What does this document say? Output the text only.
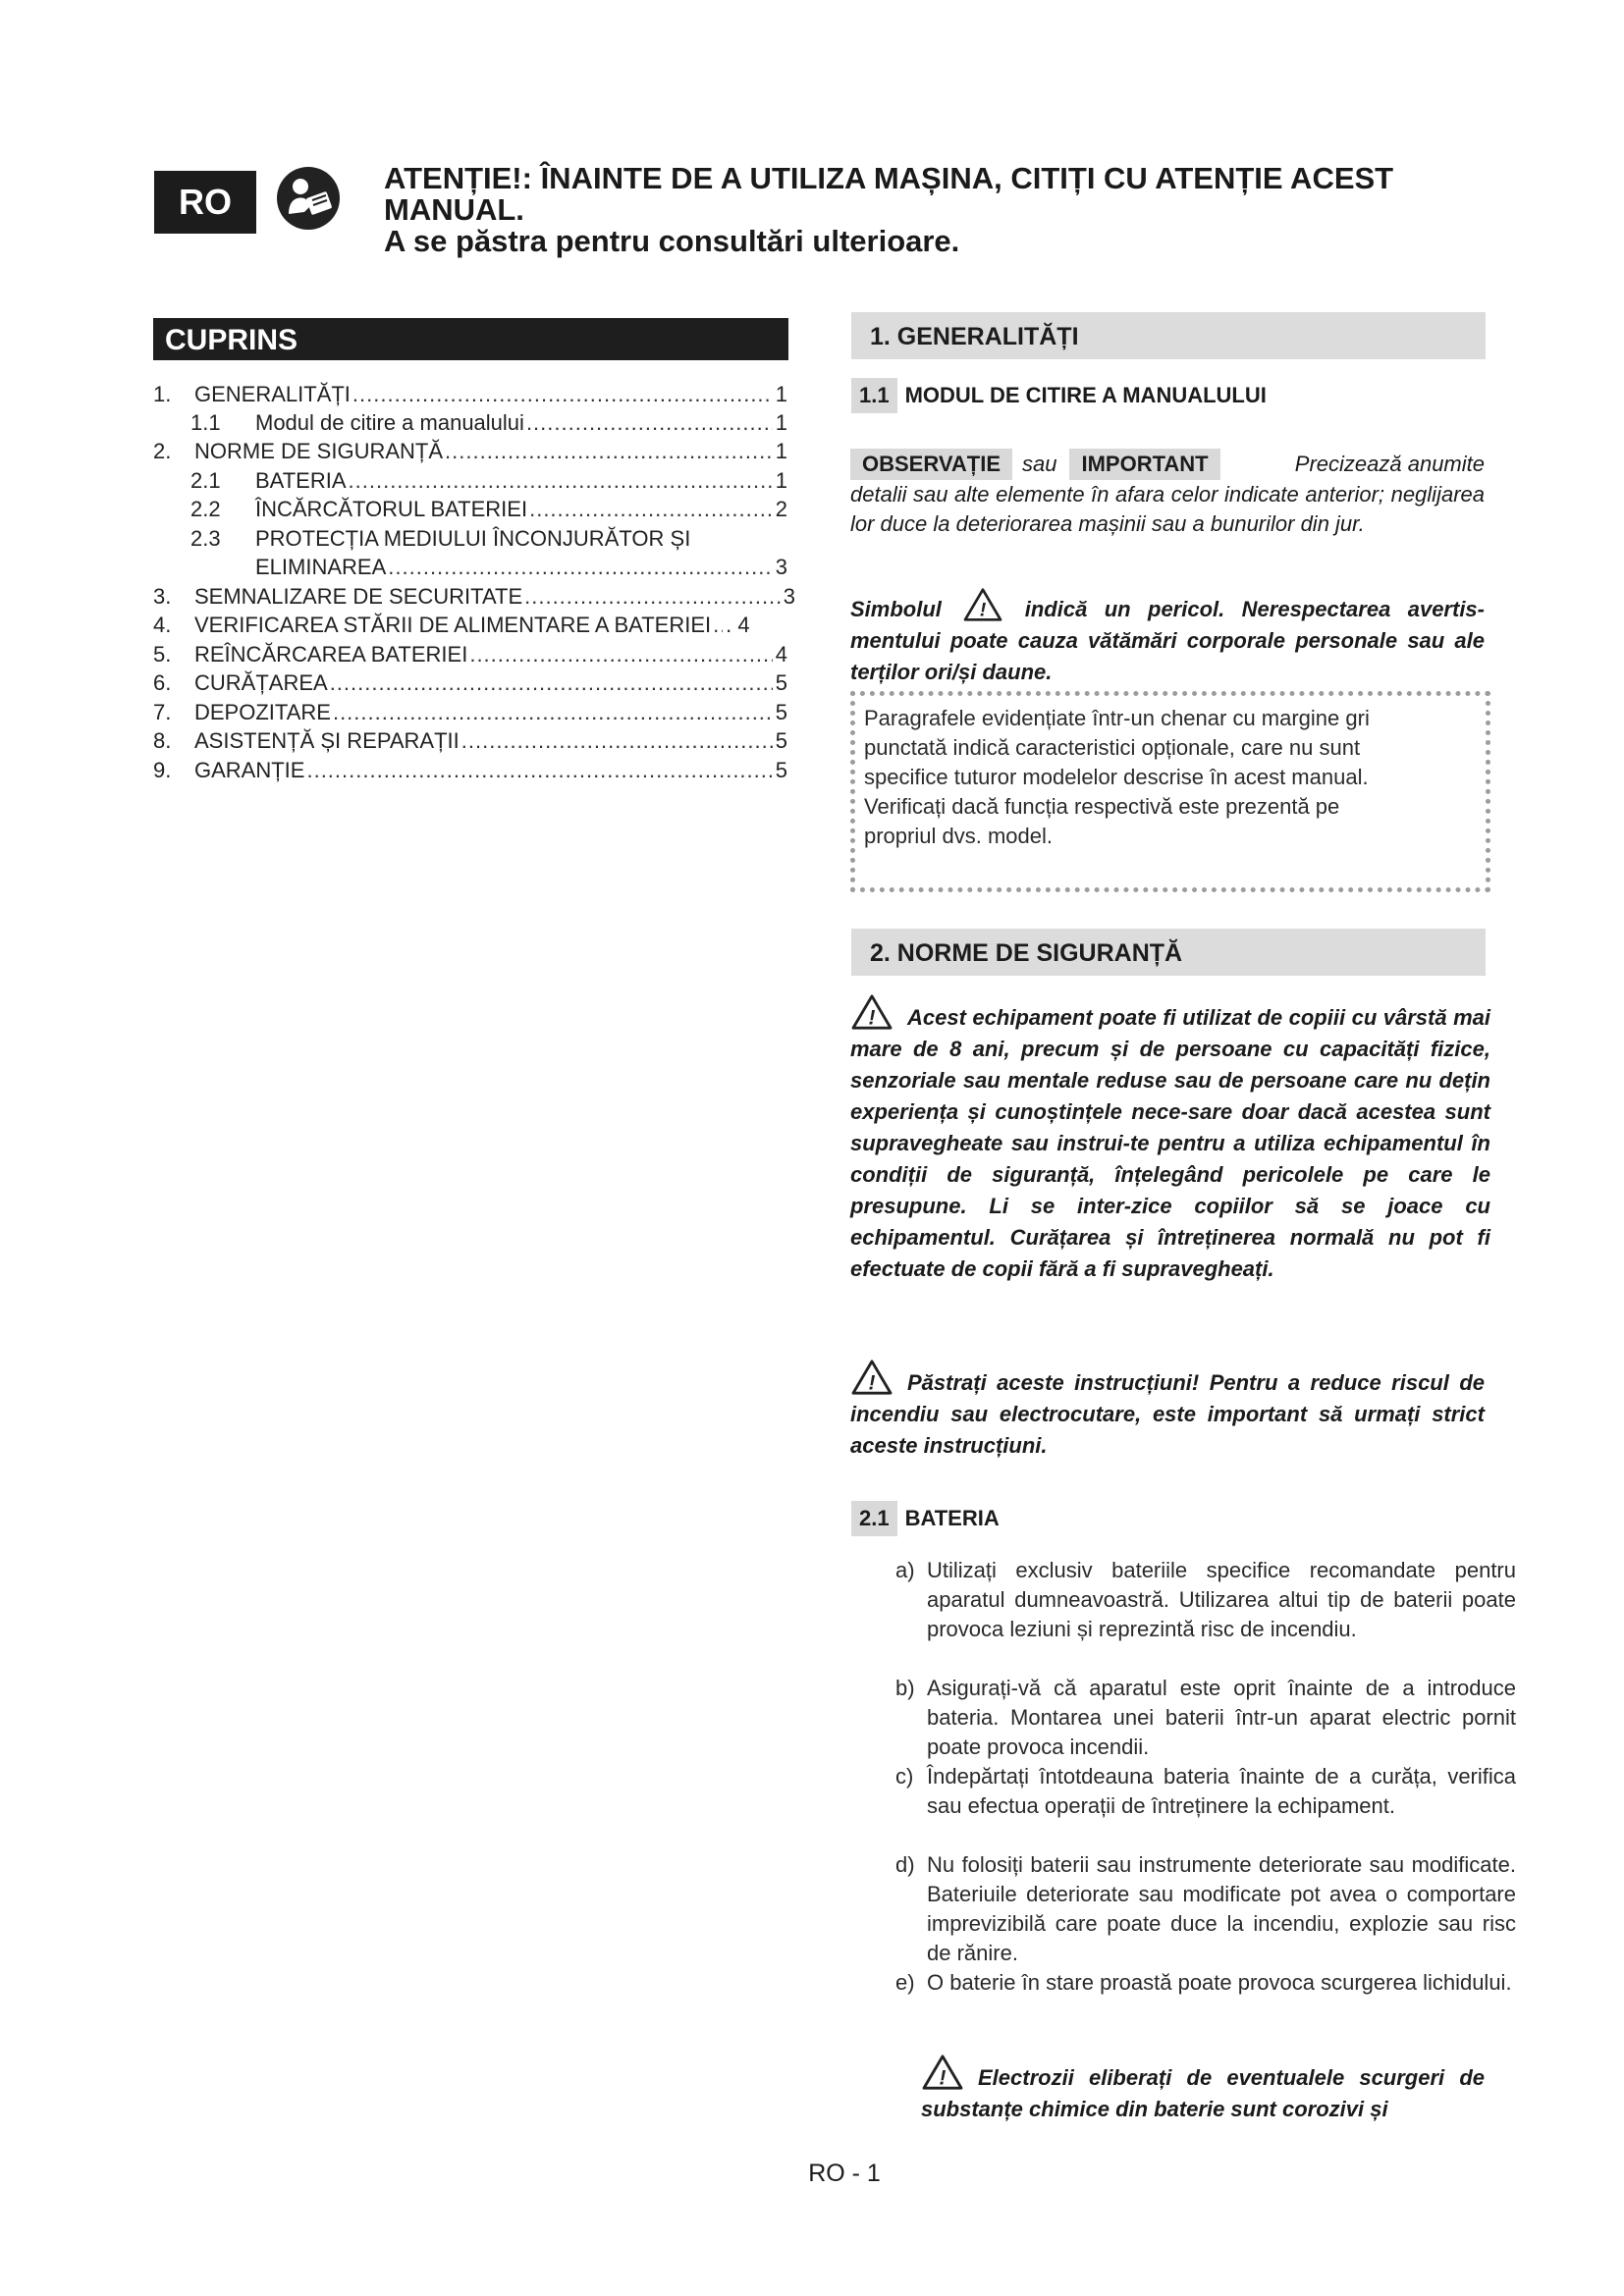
RO
ATENȚIE!: ÎNAINTE DE A UTILIZA MAȘINA, CITIȚI CU ATENȚIE ACEST MANUAL.
A se păstra pentru consultări ulterioare.
CUPRINS
1.	GENERALITĂȚI .....	1
1.1	Modul de citire a manualului .....	1
2.	NORME DE SIGURANȚĂ .....	1
2.1	BATERIA .....	1
2.2	ÎNCĂRCĂTORUL BATERIEI .....	2
2.3	PROTECȚIA MEDIULUI ÎNCONJURĂTOR ȘI
ELIMINAREA .....	3
3.	SEMNALIZARE DE SECURITATE .....	3
4.	VERIFICAREA STĂRII DE ALIMENTARE A BATERIEI ..... . 4
5.	REÎNCĂRCAREA BATERIEI .....	4
6.	CURĂȚAREA .....	5
7.	DEPOZITARE .....	5
8.	ASISTENȚĂ ȘI REPARAȚII .....	5
9.	GARANȚIE .....	5
1. GENERALITĂȚI
1.1 MODUL DE CITIRE A MANUALULUI
OBSERVAȚIE sau IMPORTANT	Precizează anumite
detalii sau alte elemente în afara celor indicate anterior; neglijarea lor duce la deteriorarea mașinii sau a bunurilor din jur.
Simbolul ! indică un pericol. Nerespectarea avertis-mentului poate cauza vătămări corporale personale sau ale terților ori/și daune.
Paragrafele evidențiate într-un chenar cu margine gri punctată indică caracteristici opționale, care nu sunt specifice tuturor modelelor descrise în acest manual. Verificați dacă funcția respectivă este prezentă pe propriul dvs. model.
2. NORME DE SIGURANȚĂ
! Acest echipament poate fi utilizat de copiii cu vârstă mai mare de 8 ani, precum și de persoane cu capacități fizice, senzoriale sau mentale reduse sau de persoane care nu dețin experiența și cunoștințele nece-sare doar dacă acestea sunt supravegheate sau instrui-te pentru a utiliza echipamentul în condiții de siguranță, înțelegând pericolele pe care le presupune. Li se inter-zice copiilor să se joace cu echipamentul. Curățarea și întreținerea normală nu pot fi efectuate de copii fără a fi supravegheați.
! Păstrați aceste instrucțiuni! Pentru a reduce riscul de incendiu sau electrocutare, este important să urmați strict aceste instrucțiuni.
2.1 BATERIA
a) Utilizați exclusiv bateriile specifice recomandate pentru aparatul dumneavoastră. Utilizarea altui tip de baterii poate provoca leziuni și reprezintă risc de incendiu.
b) Asigurați-vă că aparatul este oprit înainte de a introduce bateria. Montarea unei baterii într-un aparat electric pornit poate provoca incendii.
c) Îndepărtați întotdeauna bateria înainte de a curăța, verifica sau efectua operații de întreținere la echipament.
d) Nu folosiți baterii sau instrumente deteriorate sau modificate. Bateriuile deteriorate sau modificate pot avea o comportare imprevizibilă care poate duce la incendiu, explozie sau risc de rănire.
e) O baterie în stare proastă poate provoca scurgerea lichidului.
! Electrozii eliberați de eventualele scurgeri de substanțe chimice din baterie sunt corozivi și
RO - 1
